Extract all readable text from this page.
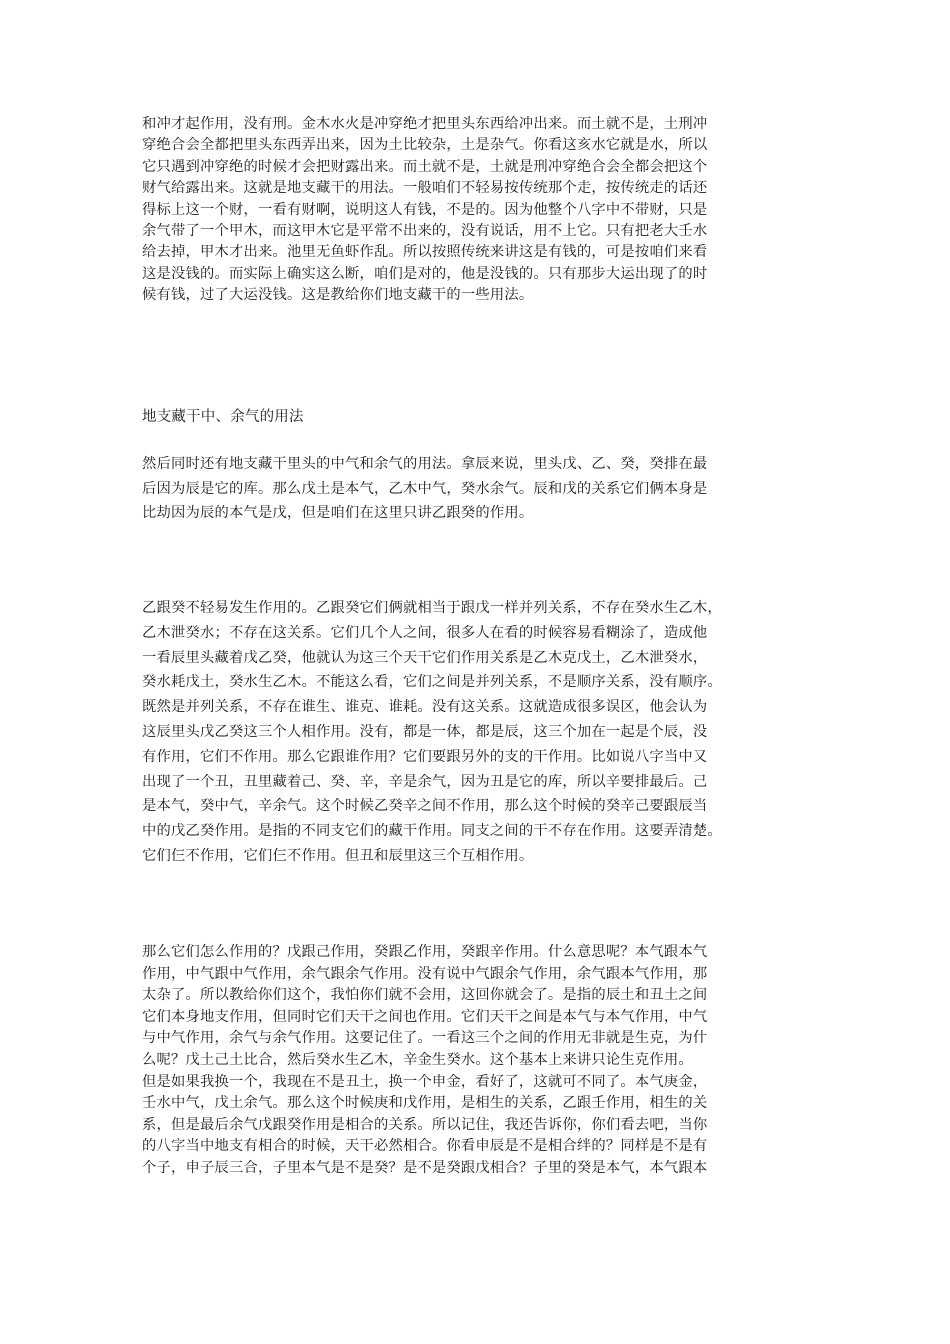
和冲才起作用，没有刑。金木水火是冲穿绝才把里头东西给冲出来。而土就不是，土刑冲
穿绝合会全都把里头东西弄出来，因为土比较杂，土是杂气。你看这亥水它就是水，所以
它只遇到冲穿绝的时候才会把财露出来。而土就不是，土就是刑冲穿绝合会全都会把这个
财气给露出来。这就是地支藏干的用法。一般咱们不轻易按传统那个走，按传统走的话还
得标上这一个财，一看有财啊，说明这人有钱，不是的。因为他整个八字中不带财，只是
余气带了一个甲木，而这甲木它是平常不出来的，没有说话，用不上它。只有把老大壬水
给去掉，甲木才出来。池里无鱼虾作乱。所以按照传统来讲这是有钱的，可是按咱们来看
这是没钱的。而实际上确实这么断，咱们是对的，他是没钱的。只有那步大运出现了的时
候有钱，过了大运没钱。这是教给你们地支藏干的一些用法。
地支藏干中、余气的用法
然后同时还有地支藏干里头的中气和余气的用法。拿辰来说，里头戊、乙、癸，癸排在最
后因为辰是它的库。那么戊土是本气，乙木中气，癸水余气。辰和戊的关系它们俩本身是
比劫因为辰的本气是戊，但是咱们在这里只讲乙跟癸的作用。
乙跟癸不轻易发生作用的。乙跟癸它们俩就相当于跟戊一样并列关系，不存在癸水生乙木，
乙木泄癸水；不存在这关系。它们几个人之间，很多人在看的时候容易看糊涂了，造成他
一看辰里头藏着戊乙癸，他就认为这三个天干它们作用关系是乙木克戊土，乙木泄癸水，
癸水耗戊土，癸水生乙木。不能这么看，它们之间是并列关系，不是顺序关系，没有顺序。
既然是并列关系，不存在谁生、谁克、谁耗。没有这关系。这就造成很多误区，他会认为
这辰里头戊乙癸这三个人相作用。没有，都是一体，都是辰，这三个加在一起是个辰，没
有作用，它们不作用。那么它跟谁作用？它们要跟另外的支的干作用。比如说八字当中又
出现了一个丑，丑里藏着己、癸、辛，辛是余气，因为丑是它的库，所以辛要排最后。己
是本气，癸中气，辛余气。这个时候乙癸辛之间不作用，那么这个时候的癸辛己要跟辰当
中的戊乙癸作用。是指的不同支它们的藏干作用。同支之间的干不存在作用。这要弄清楚。
它们仨不作用，它们仨不作用。但丑和辰里这三个互相作用。
那么它们怎么作用的？戊跟己作用，癸跟乙作用，癸跟辛作用。什么意思呢？本气跟本气
作用，中气跟中气作用，余气跟余气作用。没有说中气跟余气作用，余气跟本气作用，那
太杂了。所以教给你们这个，我怕你们就不会用，这回你就会了。是指的辰土和丑土之间
它们本身地支作用，但同时它们天干之间也作用。它们天干之间是本气与本气作用，中气
与中气作用，余气与余气作用。这要记住了。一看这三个之间的作用无非就是生克，为什
么呢？戊土己土比合，然后癸水生乙木，辛金生癸水。这个基本上来讲只论生克作用。
但是如果我换一个，我现在不是丑土，换一个申金，看好了，这就可不同了。本气庚金，
壬水中气，戊土余气。那么这个时候庚和戊作用，是相生的关系，乙跟壬作用，相生的关
系，但是最后余气戊跟癸作用是相合的关系。所以记住，我还告诉你，你们看去吧，当你
的八字当中地支有相合的时候，天干必然相合。你看申辰是不是相合绊的？同样是不是有
个子，申子辰三合，子里本气是不是癸？是不是癸跟戊相合？子里的癸是本气，本气跟本
